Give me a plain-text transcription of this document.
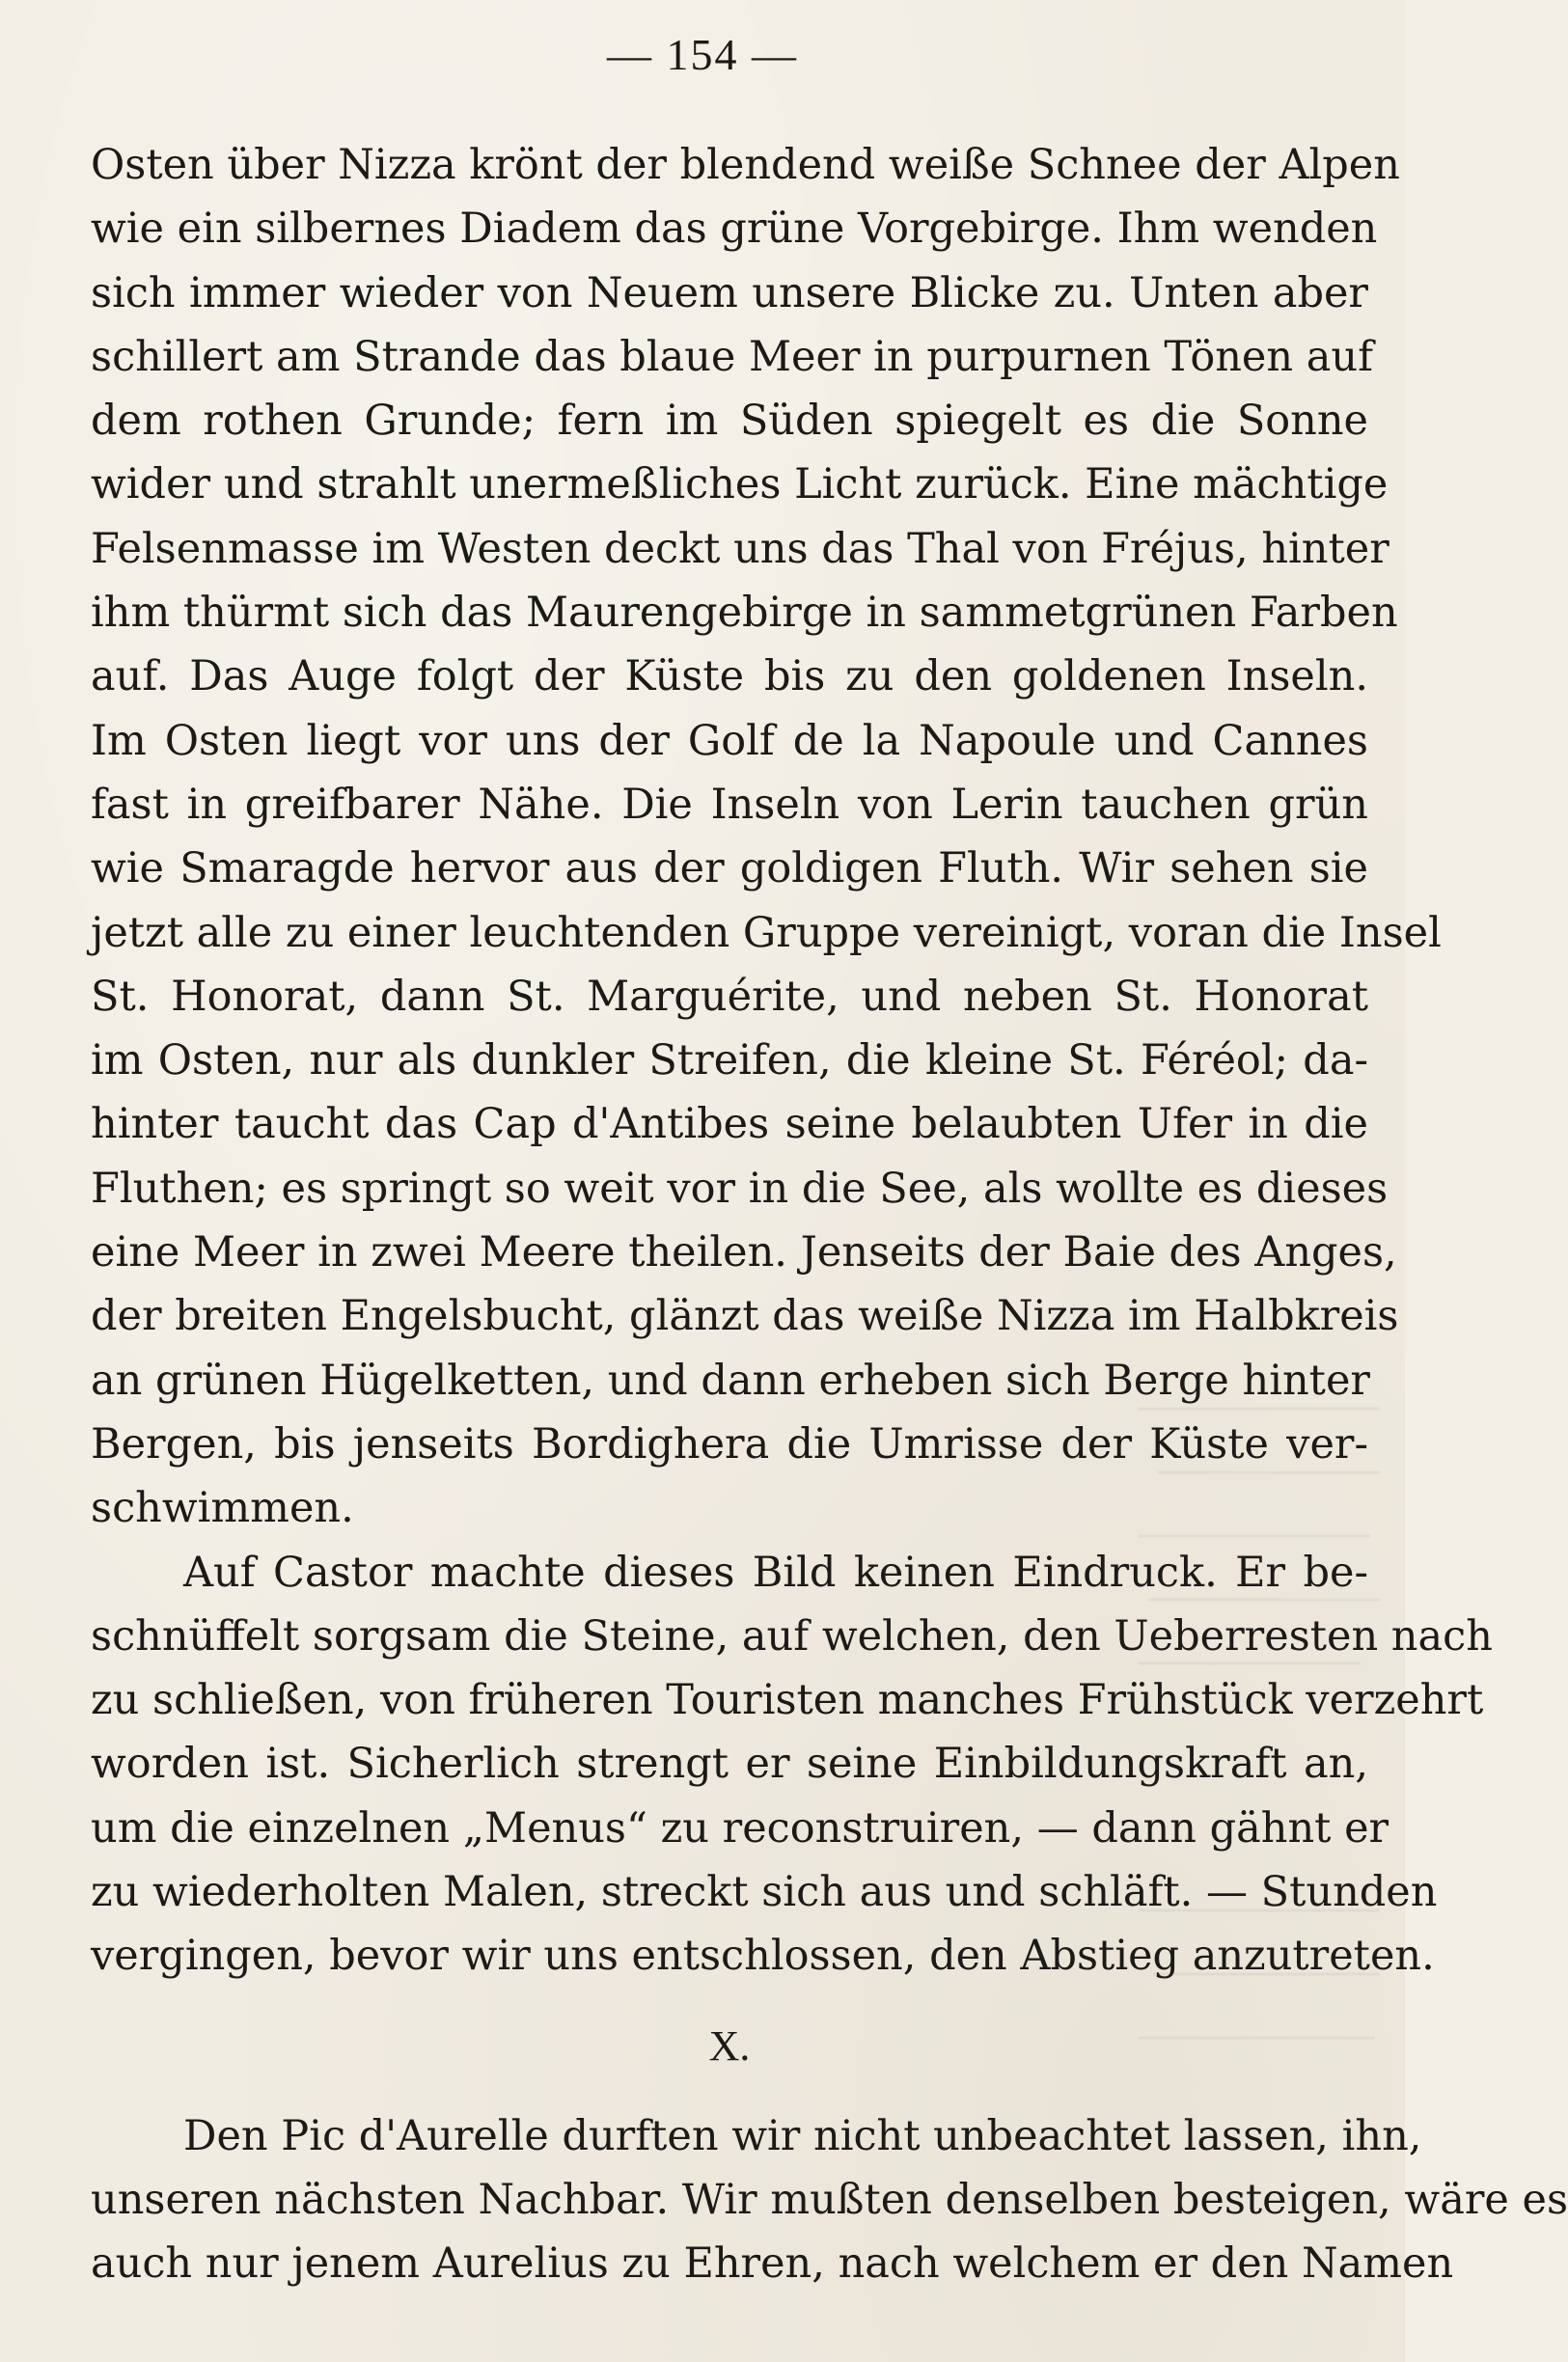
— 154 —
Osten über Nizza krönt der blendend weiße Schnee der Alpen
wie ein silbernes Diadem das grüne Vorgebirge. Ihm wenden
sich immer wieder von Neuem unsere Blicke zu. Unten aber
schillert am Strande das blaue Meer in purpurnen Tönen auf
dem rothen Grunde; fern im Süden spiegelt es die Sonne
wider und strahlt unermeßliches Licht zurück. Eine mächtige
Felsenmasse im Westen deckt uns das Thal von Fréjus, hinter
ihm thürmt sich das Maurengebirge in sammetgrünen Farben
auf. Das Auge folgt der Küste bis zu den goldenen Inseln.
Im Osten liegt vor uns der Golf de la Napoule und Cannes
fast in greifbarer Nähe. Die Inseln von Lerin tauchen grün
wie Smaragde hervor aus der goldigen Fluth. Wir sehen sie
jetzt alle zu einer leuchtenden Gruppe vereinigt, voran die Insel
St. Honorat, dann St. Marguérite, und neben St. Honorat
im Osten, nur als dunkler Streifen, die kleine St. Féréol; da-
hinter taucht das Cap d'Antibes seine belaubten Ufer in die
Fluthen; es springt so weit vor in die See, als wollte es dieses
eine Meer in zwei Meere theilen. Jenseits der Baie des Anges,
der breiten Engelsbucht, glänzt das weiße Nizza im Halbkreis
an grünen Hügelketten, und dann erheben sich Berge hinter
Bergen, bis jenseits Bordighera die Umrisse der Küste ver-
schwimmen.
Auf Castor machte dieses Bild keinen Eindruck. Er be-
schnüffelt sorgsam die Steine, auf welchen, den Ueberresten nach
zu schließen, von früheren Touristen manches Frühstück verzehrt
worden ist. Sicherlich strengt er seine Einbildungskraft an,
um die einzelnen „Menus“ zu reconstruiren, — dann gähnt er
zu wiederholten Malen, streckt sich aus und schläft. — Stunden
vergingen, bevor wir uns entschlossen, den Abstieg anzutreten.
X.
Den Pic d'Aurelle durften wir nicht unbeachtet lassen, ihn,
unseren nächsten Nachbar. Wir mußten denselben besteigen, wäre es
auch nur jenem Aurelius zu Ehren, nach welchem er den Namen
